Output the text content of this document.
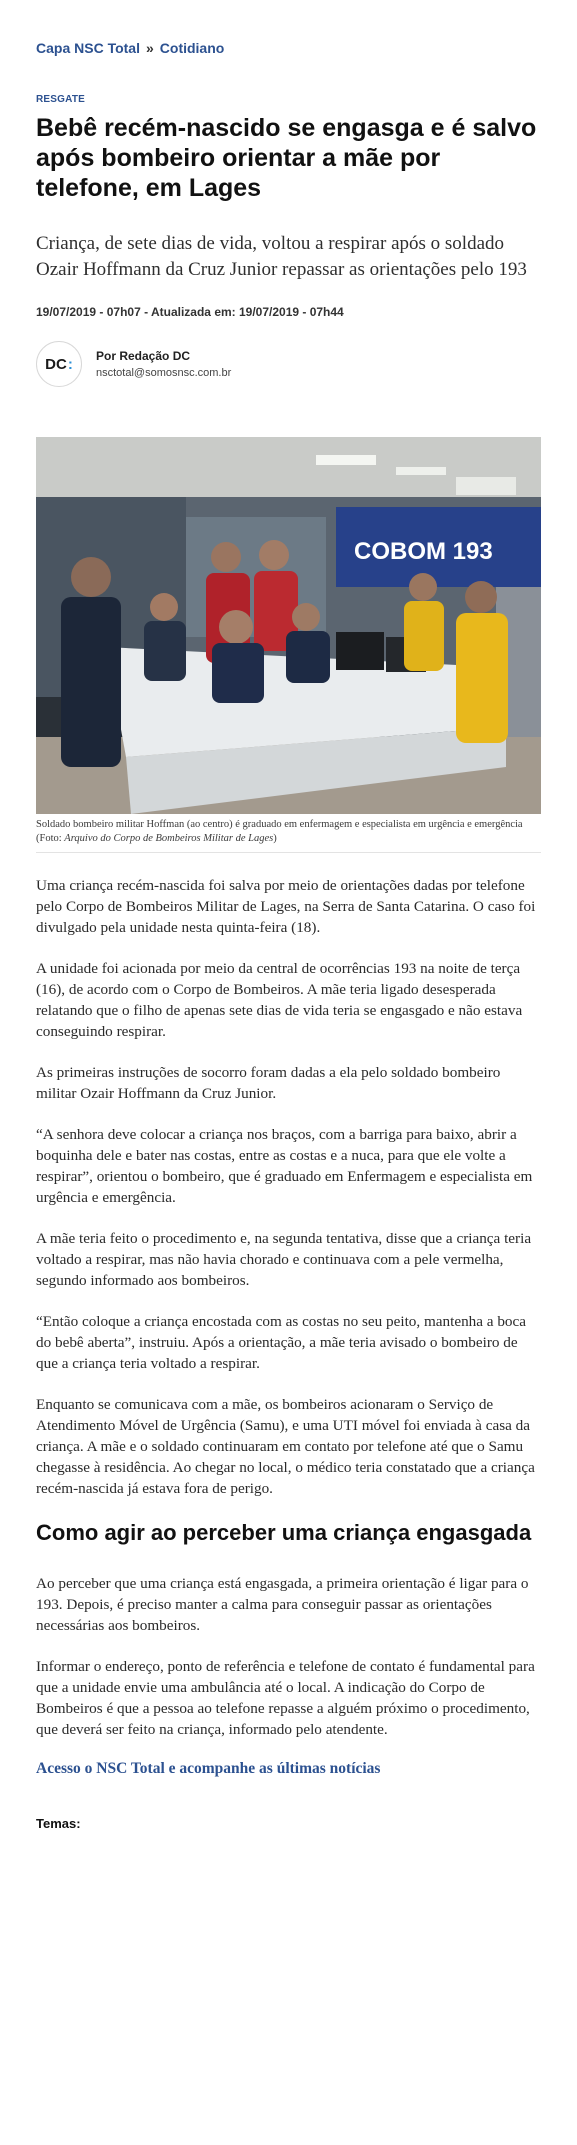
Capa NSC Total » Cotidiano
RESGATE
Bebê recém-nascido se engasga e é salvo após bombeiro orientar a mãe por telefone, em Lages

Criança, de sete dias de vida, voltou a respirar após o soldado Ozair Hoffmann da Cruz Junior repassar as orientações pelo 193

19/07/2019 - 07h07 - Atualizada em: 19/07/2019 - 07h44
DC : Por Redação DC
nsctotal@somosnsc.com.br
COBOM 193
Soldado bombeiro militar Hoffman (ao centro) é graduado em enfermagem e especialista em urgência e emergência (Foto: Arquivo do Corpo de Bombeiros Militar de Lages)

Uma criança recém-nascida foi salva por meio de orientações dadas por telefone pelo Corpo de Bombeiros Militar de Lages, na Serra de Santa Catarina. O caso foi divulgado pela unidade nesta quinta-feira (18).

A unidade foi acionada por meio da central de ocorrências 193 na noite de terça (16), de acordo com o Corpo de Bombeiros. A mãe teria ligado desesperada relatando que o filho de apenas sete dias de vida teria se engasgado e não estava conseguindo respirar.

As primeiras instruções de socorro foram dadas a ela pelo soldado bombeiro militar Ozair Hoffmann da Cruz Junior.

“A senhora deve colocar a criança nos braços, com a barriga para baixo, abrir a boquinha dele e bater nas costas, entre as costas e a nuca, para que ele volte a respirar”, orientou o bombeiro, que é graduado em Enfermagem e especialista em urgência e emergência.

A mãe teria feito o procedimento e, na segunda tentativa, disse que a criança teria voltado a respirar, mas não havia chorado e continuava com a pele vermelha, segundo informado aos bombeiros.

“Então coloque a criança encostada com as costas no seu peito, mantenha a boca do bebê aberta”, instruiu. Após a orientação, a mãe teria avisado o bombeiro de que a criança teria voltado a respirar.

Enquanto se comunicava com a mãe, os bombeiros acionaram o Serviço de Atendimento Móvel de Urgência (Samu), e uma UTI móvel foi enviada à casa da criança. A mãe e o soldado continuaram em contato por telefone até que o Samu chegasse à residência. Ao chegar no local, o médico teria constatado que a criança recém-nascida já estava fora de perigo.

Como agir ao perceber uma criança engasgada

Ao perceber que uma criança está engasgada, a primeira orientação é ligar para o 193. Depois, é preciso manter a calma para conseguir passar as orientações necessárias aos bombeiros.

Informar o endereço, ponto de referência e telefone de contato é fundamental para que a unidade envie uma ambulância até o local. A indicação do Corpo de Bombeiros é que a pessoa ao telefone repasse a alguém próximo o procedimento, que deverá ser feito na criança, informado pelo atendente.

Acesso o NSC Total e acompanhe as últimas notícias
Temas:
